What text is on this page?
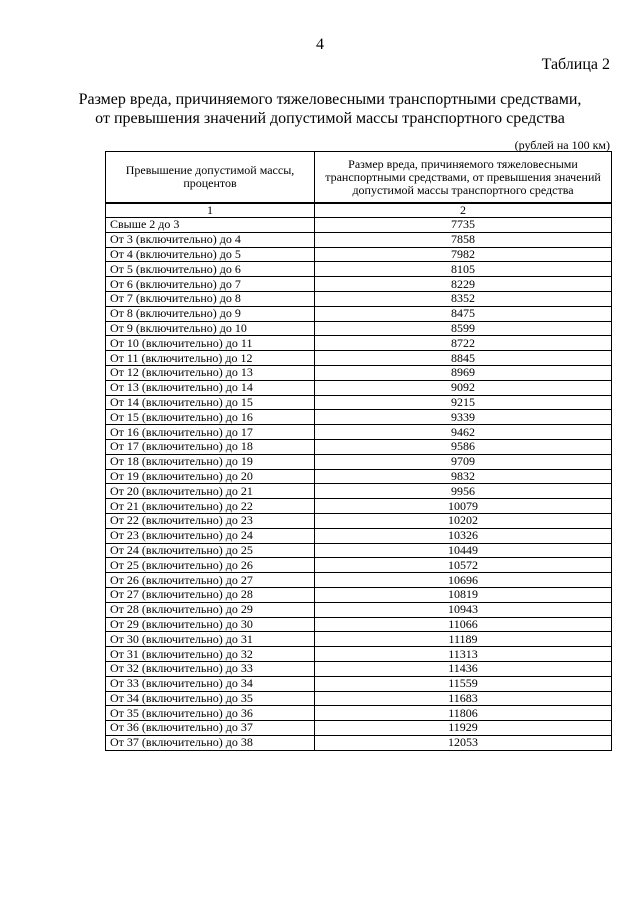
4
Таблица 2
Размер вреда, причиняемого тяжеловесными транспортными средствами,
от превышения значений допустимой массы транспортного средства
(рублей на 100 км)
Превышение допустимой массы, процентов	Размер вреда, причиняемого тяжеловесными транспортными средствами, от превышения значений допустимой массы транспортного средства
1	2
Свыше 2 до 3	7735
От 3 (включительно) до 4	7858
От 4 (включительно) до 5	7982
От 5 (включительно) до 6	8105
От 6 (включительно) до 7	8229
От 7 (включительно) до 8	8352
От 8 (включительно) до 9	8475
От 9 (включительно) до 10	8599
От 10 (включительно) до 11	8722
От 11 (включительно) до 12	8845
От 12 (включительно) до 13	8969
От 13 (включительно) до 14	9092
От 14 (включительно) до 15	9215
От 15 (включительно) до 16	9339
От 16 (включительно) до 17	9462
От 17 (включительно) до 18	9586
От 18 (включительно) до 19	9709
От 19 (включительно) до 20	9832
От 20 (включительно) до 21	9956
От 21 (включительно) до 22	10079
От 22 (включительно) до 23	10202
От 23 (включительно) до 24	10326
От 24 (включительно) до 25	10449
От 25 (включительно) до 26	10572
От 26 (включительно) до 27	10696
От 27 (включительно) до 28	10819
От 28 (включительно) до 29	10943
От 29 (включительно) до 30	11066
От 30 (включительно) до 31	11189
От 31 (включительно) до 32	11313
От 32 (включительно) до 33	11436
От 33 (включительно) до 34	11559
От 34 (включительно) до 35	11683
От 35 (включительно) до 36	11806
От 36 (включительно) до 37	11929
От 37 (включительно) до 38	12053
